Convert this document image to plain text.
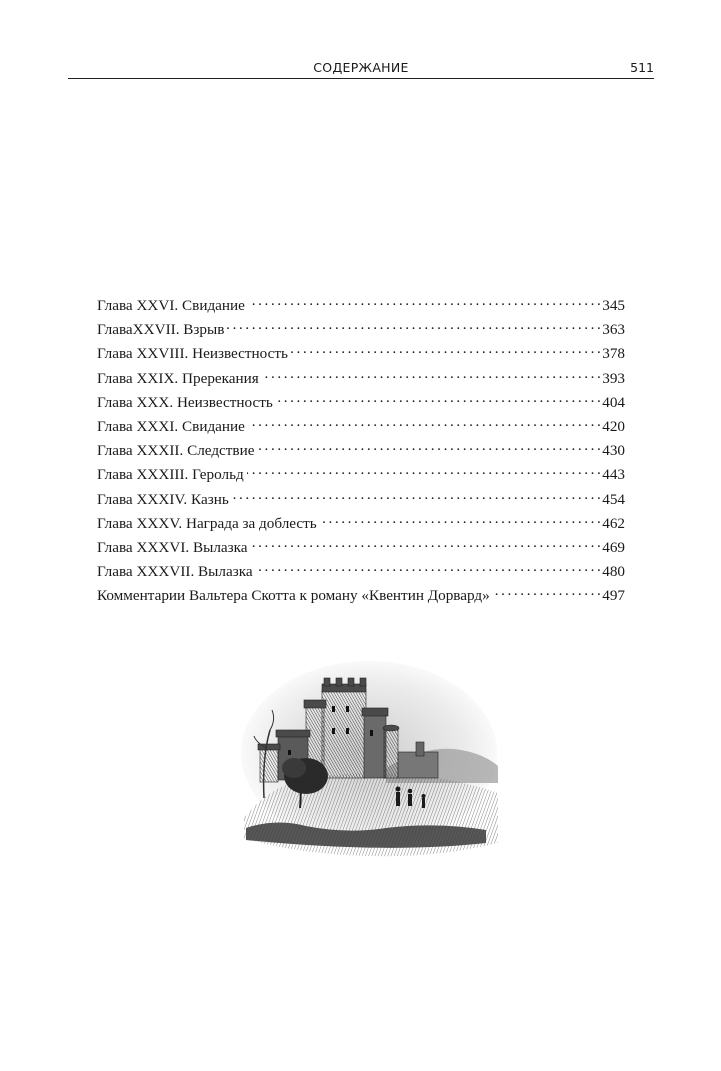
СОДЕРЖАНИЕ	511
Глава XXVI. Свидание . . .	345
ГлаваXXVII. Взрыв . . .	363
Глава XXVIII. Неизвестность . . .	378
Глава XXIX. Пререкания . . .	393
Глава XXX. Неизвестность . . .	404
Глава XXXI. Свидание . . .	420
Глава XXXII. Следствие . . .	430
Глава XXXIII. Герольд . . .	443
Глава XXXIV. Казнь . . .	454
Глава XXXV. Награда за доблесть . . .	462
Глава XXXVI. Вылазка . . .	469
Глава XXXVII. Вылазка . . .	480
Комментарии Вальтера Скотта к роману «Квентин Дорвард» . . .	497
